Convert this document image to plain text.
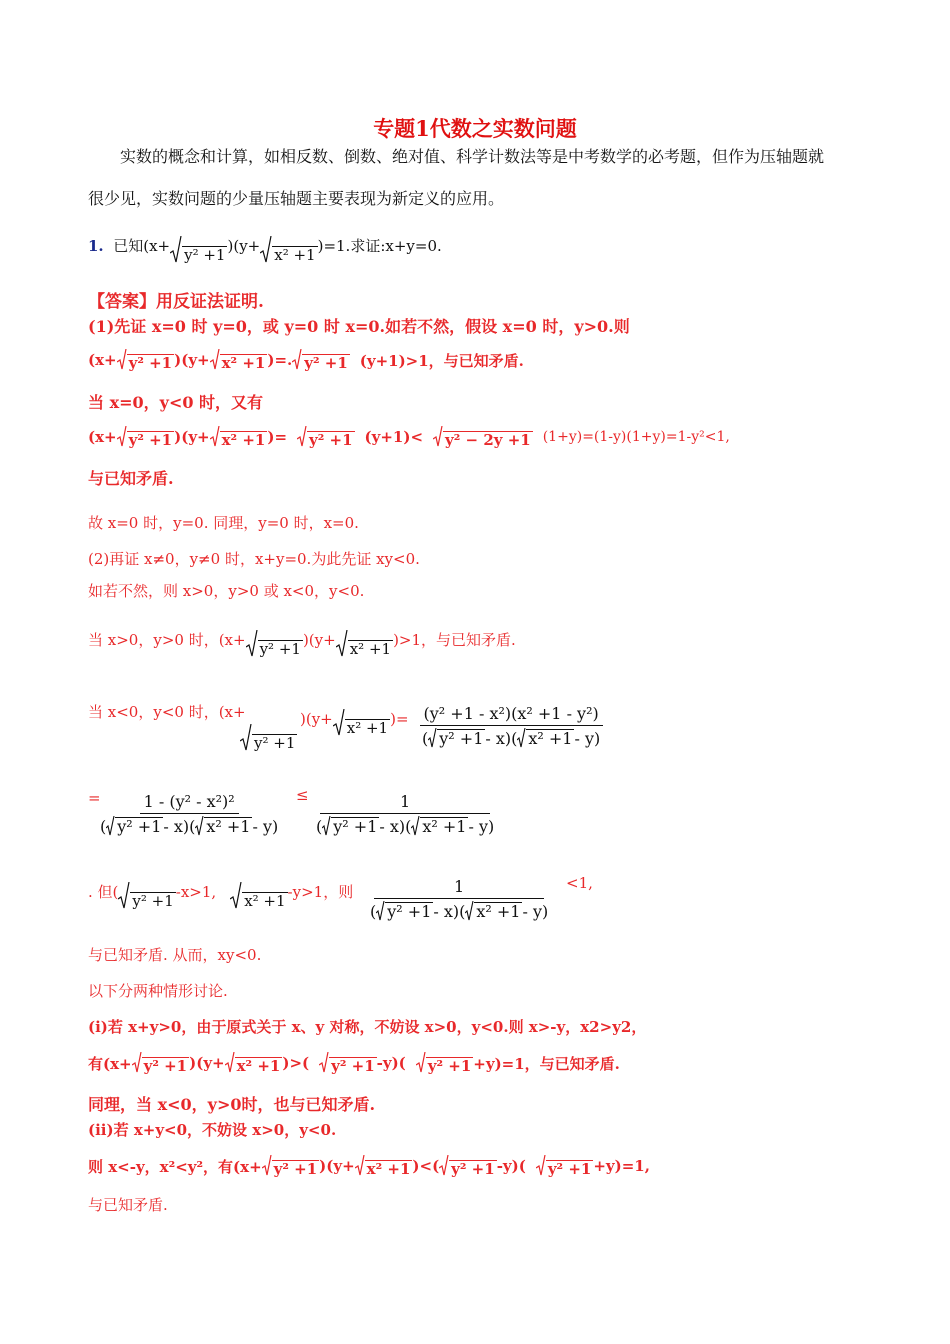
专题1代数之实数问题
实数的概念和计算，如相反数、倒数、绝对值、科学计数法等是中考数学的必考题，但作为压轴题就
很少见，实数问题的少量压轴题主要表现为新定义的应用。
1.
已知(x+ y² +1
)(y+
x² +1 )=1.求证:x+y=0.
【答案】用反证法证明.
(1)先证 x=0 时 y=0，或 y=0 时 x=0.如若不然，假设 x=0 时，y>0.则
(x+ y² +1 )(y+ x² +1 )=. y² +1 (y+1)>1，与已知矛盾.
当 x=0，y<0 时，又有
(x+ y² +1 )(y+ x² +1 )= y² +1 (y+1)< y² − 2y +1 (1+y)=(1-y)(1+y)=1-y²<1,
与已知矛盾.
故 x=0 时，y=0. 同理，y=0 时，x=0.
(2)再证 x≠0，y≠0 时，x+y=0.为此先证 xy<0.
如若不然，则 x>0，y>0 或 x<0，y<0.
当 x>0，y>0 时，(x+ y² +1
)(y+
x² +1 )>1，与已知矛盾.
当 x<0，y<0 时，(x+
y² +1
)(y+
x² +1
)= $\frac{\text{(y² +1 - x²)(x² +1 - y²)}}{\text{( y² +1 - x)( x² +1 - y)}}$
=
$\frac{\text{1 - (y² - x²)²}}{\text{( y² +1 - x)( x² +1 - y)}} \le \frac{1}{\text{( y² +1 - x)( x² +1 - y)}}$
. 但( y² +1
-x>1,
x² +1 -y>1，则 $\frac{1}{\text{( y² +1 - x)( x² +1 - y)}} <1$,
与已知矛盾. 从而，xy<0.
以下分两种情形讨论.
(i)若 x+y>0，由于原式关于 x、y 对称，不妨设 x>0，y<0.则 x>-y，x2>y2，
有(x+ y² +1 )(y+ x² +1 )>( y² +1 -y)( y² +1 +y)=1，与已知矛盾.
同理，当 x<0，y>0时，也与已知矛盾.
(ii)若 x+y<0，不妨设 x>0，y<0.
则 x<-y，x²<y²，有(x+ y² +1 )(y+ x² +1 )<( y² +1 -y)( y² +1 +y)=1,
与已知矛盾.
